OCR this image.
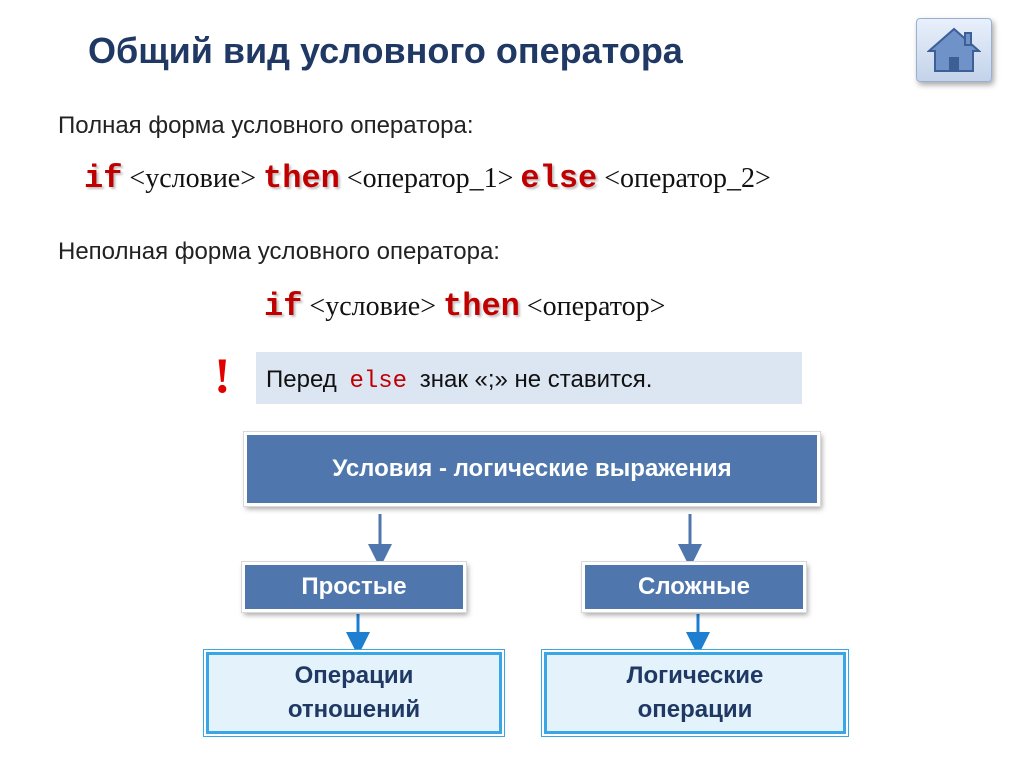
Общий вид условного оператора
Полная форма условного оператора:
if <условие> then <оператор_1> else <оператор_2>
Неполная форма условного оператора:
if <условие> then <оператор>
!	Перед else знак «;» не ставится.
Условия - логические выражения
Простые	Сложные
Операции
отношений
Логические
операции
